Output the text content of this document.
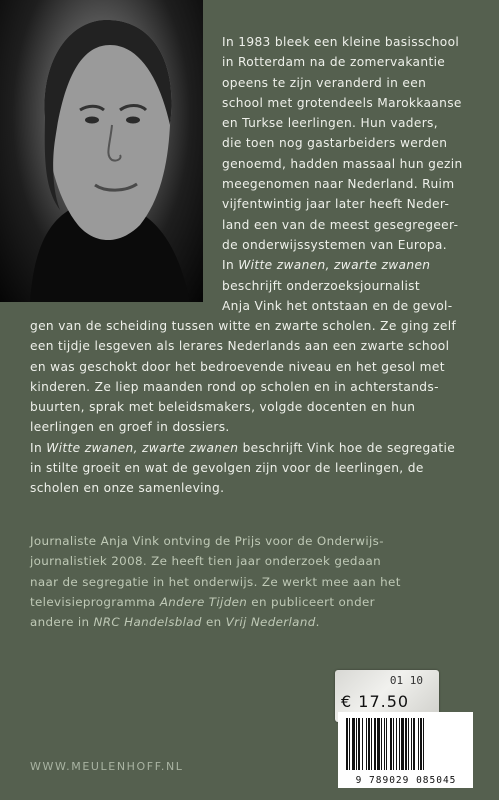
In 1983 bleek een kleine basisschool
in Rotterdam na de zomervakantie
opeens te zijn veranderd in een
school met grotendeels Marokkaanse
en Turkse leerlingen. Hun vaders,
die toen nog gastarbeiders werden
genoemd, hadden massaal hun gezin
meegenomen naar Nederland. Ruim
vijfentwintig jaar later heeft Neder-
land een van de meest gesegregeer-
de onderwijssystemen van Europa.
In Witte zwanen, zwarte zwanen
beschrijft onderzoeksjournalist
Anja Vink het ontstaan en de gevol-
gen van de scheiding tussen witte en zwarte scholen. Ze ging zelf
een tijdje lesgeven als lerares Nederlands aan een zwarte school
en was geschokt door het bedroevende niveau en het gesol met
kinderen. Ze liep maanden rond op scholen en in achterstands-
buurten, sprak met beleidsmakers, volgde docenten en hun
leerlingen en groef in dossiers.
In Witte zwanen, zwarte zwanen beschrijft Vink hoe de segregatie
in stilte groeit en wat de gevolgen zijn voor de leerlingen, de
scholen en onze samenleving.
Journaliste Anja Vink ontving de Prijs voor de Onderwijs-
journalistiek 2008. Ze heeft tien jaar onderzoek gedaan
naar de segregatie in het onderwijs. Ze werkt mee aan het
televisieprogramma Andere Tijden en publiceert onder
andere in NRC Handelsblad en Vrij Nederland.
01 10
€ 17.50
9 789029 085045
WWW.MEULENHOFF.NL
